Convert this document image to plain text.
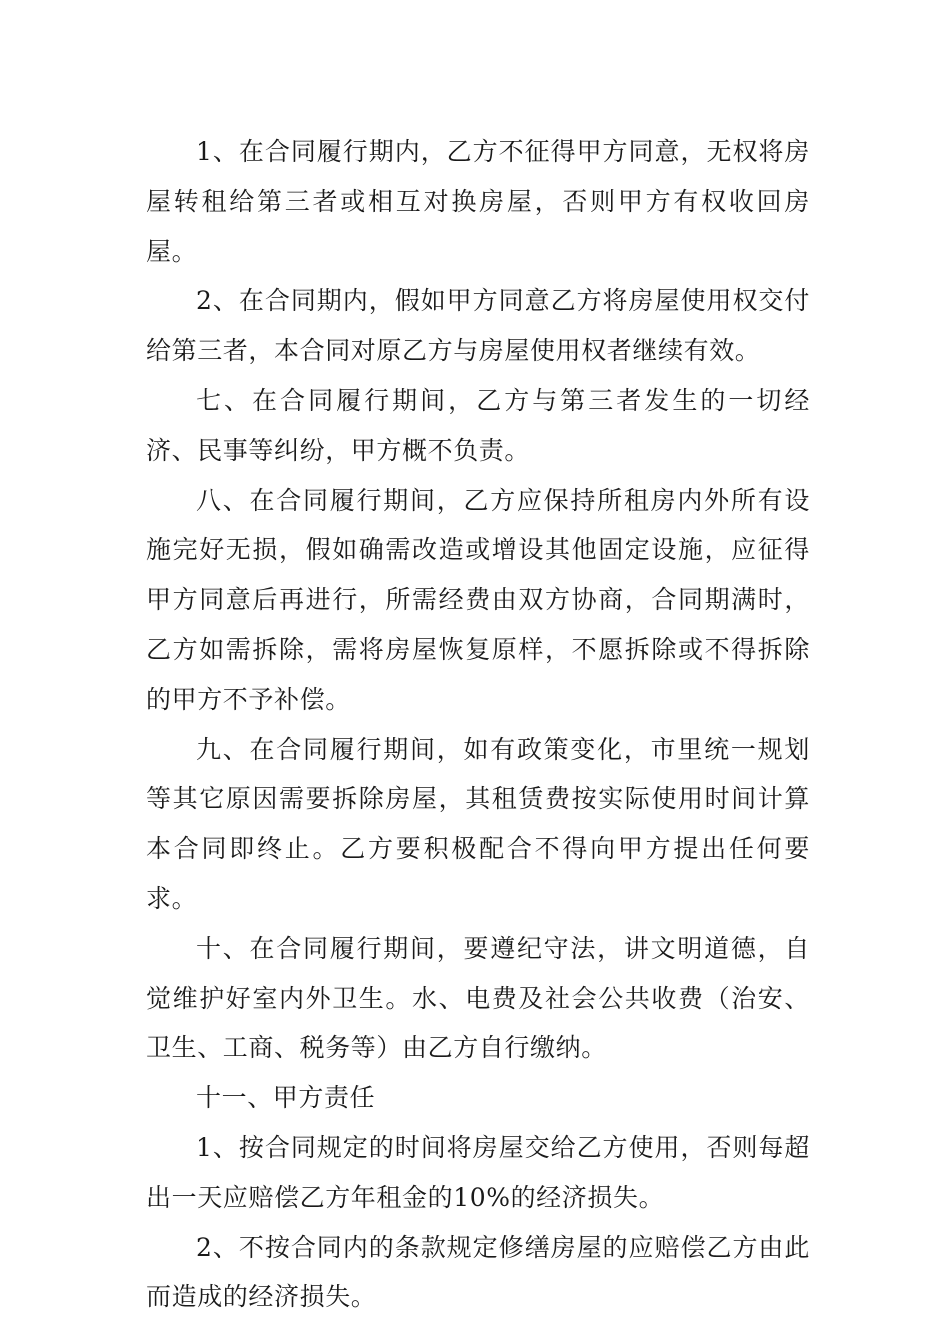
1、在合同履行期内，乙方不征得甲方同意，无权将房屋转租给第三者或相互对换房屋，否则甲方有权收回房屋。

2、在合同期内，假如甲方同意乙方将房屋使用权交付给第三者，本合同对原乙方与房屋使用权者继续有效。

七、在合同履行期间，乙方与第三者发生的一切经济、民事等纠纷，甲方概不负责。

八、在合同履行期间，乙方应保持所租房内外所有设施完好无损，假如确需改造或增设其他固定设施，应征得甲方同意后再进行，所需经费由双方协商，合同期满时，乙方如需拆除，需将房屋恢复原样，不愿拆除或不得拆除的甲方不予补偿。

九、在合同履行期间，如有政策变化，市里统一规划等其它原因需要拆除房屋，其租赁费按实际使用时间计算本合同即终止。乙方要积极配合不得向甲方提出任何要求。

十、在合同履行期间，要遵纪守法，讲文明道德，自觉维护好室内外卫生。水、电费及社会公共收费（治安、卫生、工商、税务等）由乙方自行缴纳。

十一、甲方责任

1、按合同规定的时间将房屋交给乙方使用，否则每超出一天应赔偿乙方年租金的10%的经济损失。

2、不按合同内的条款规定修缮房屋的应赔偿乙方由此而造成的经济损失。
